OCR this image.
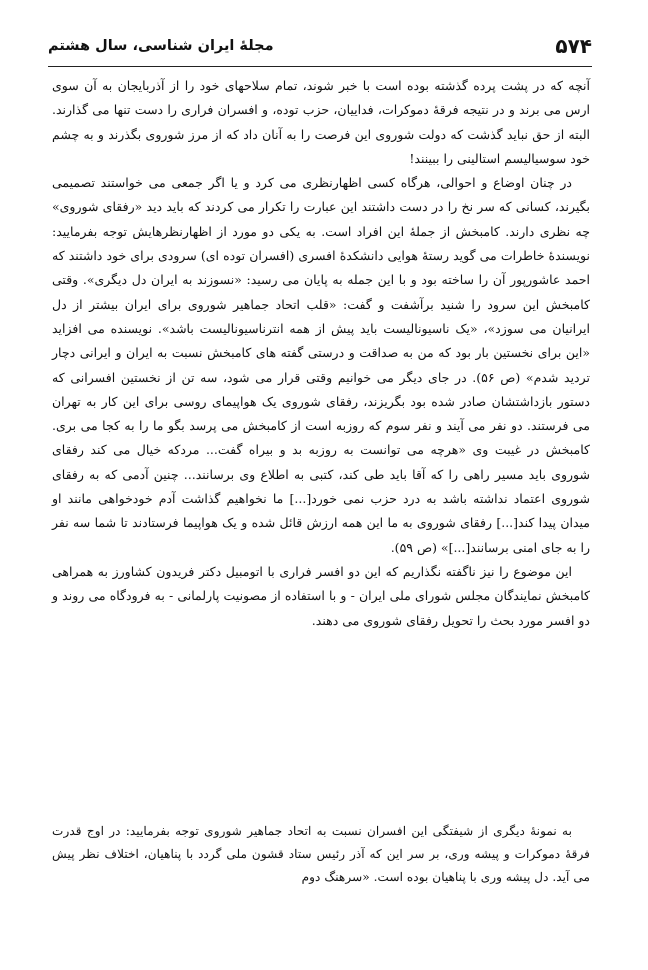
۵۷۴
مجلهٔ ایران شناسی، سال هشتم

آنچه که در پشت پرده گذشته بوده است با خبر شوند، تمام سلاحهای خود را از آذربایجان به آن سوی ارس می برند و در نتیجه فرقهٔ دموکرات، فداییان، حزب توده، و افسران فراری را دست تنها می گذارند. البته از حق نباید گذشت که دولت شوروی این فرصت را به آنان داد که از مرز شوروی بگذرند و به چشم خود سوسیالیسم استالینی را ببینند!

در چنان اوضاع و احوالی، هرگاه کسی اظهارنظری می کرد و یا اگر جمعی می خواستند تصمیمی بگیرند، کسانی که سر نخ را در دست داشتند این عبارت را تکرار می کردند که باید دید «رفقای شوروی» چه نظری دارند. کامبخش از جملهٔ این افراد است. به یکی دو مورد از اظهارنظرهایش توجه بفرمایید: نویسندهٔ خاطرات می گوید رستهٔ هوایی دانشکدهٔ افسری (افسران توده ای) سرودی برای خود داشتند که احمد عاشورپور آن را ساخته بود و با این جمله به پایان می رسید: «نسوزند به ایران دل دیگری». وقتی کامبخش این سرود را شنید برآشفت و گفت: «قلب اتحاد جماهیر شوروی برای ایران بیشتر از دل ایرانیان می سوزد»، «یک ناسیونالیست باید پیش از همه انترناسیونالیست باشد». نویسنده می افزاید «این برای نخستین بار بود که من به صداقت و درستی گفته های کامبخش نسبت به ایران و ایرانی دچار تردید شدم» (ص ۵۶). در جای دیگر می خوانیم وقتی قرار می شود، سه تن از نخستین افسرانی که دستور بازداشتشان صادر شده بود بگریزند، رفقای شوروی یک هواپیمای روسی برای این کار به تهران می فرستند. دو نفر می آیند و نفر سوم که روزبه است از کامبخش می پرسد بگو ما را به کجا می بری. کامبخش در غیبت وی «هرچه می توانست به روزبه بد و بیراه گفت... مردکه خیال می کند رفقای شوروی باید مسیر راهی را که آقا باید طی کند، کتبی به اطلاع وی برسانند... چنین آدمی که به رفقای شوروی اعتماد نداشته باشد به درد حزب نمی خورد[...] ما نخواهیم گذاشت آدم خودخواهی مانند او میدان پیدا کند[...] رفقای شوروی به ما این همه ارزش قائل شده و یک هواپیما فرستادند تا شما سه نفر را به جای امنی برسانند[...]» (ص ۵۹).

این موضوع را نیز ناگفته نگذاریم که این دو افسر فراری با اتومبیل دکتر فریدون کشاورز به همراهی کامبخش نمایندگان مجلس شورای ملی ایران - و با استفاده از مصونیت پارلمانی - به فرودگاه می روند و دو افسر مورد بحث را تحویل رفقای شوروی می دهند.

به نمونهٔ دیگری از شیفتگی این افسران نسبت به اتحاد جماهیر شوروی توجه بفرمایید: در اوج قدرت فرقهٔ دموکرات و پیشه وری، بر سر این که آذر رئیس ستاد قشون ملی گردد با پناهیان، اختلاف نظر پیش می آید. دل پیشه وری با پناهیان بوده است. «سرهنگ دوم
